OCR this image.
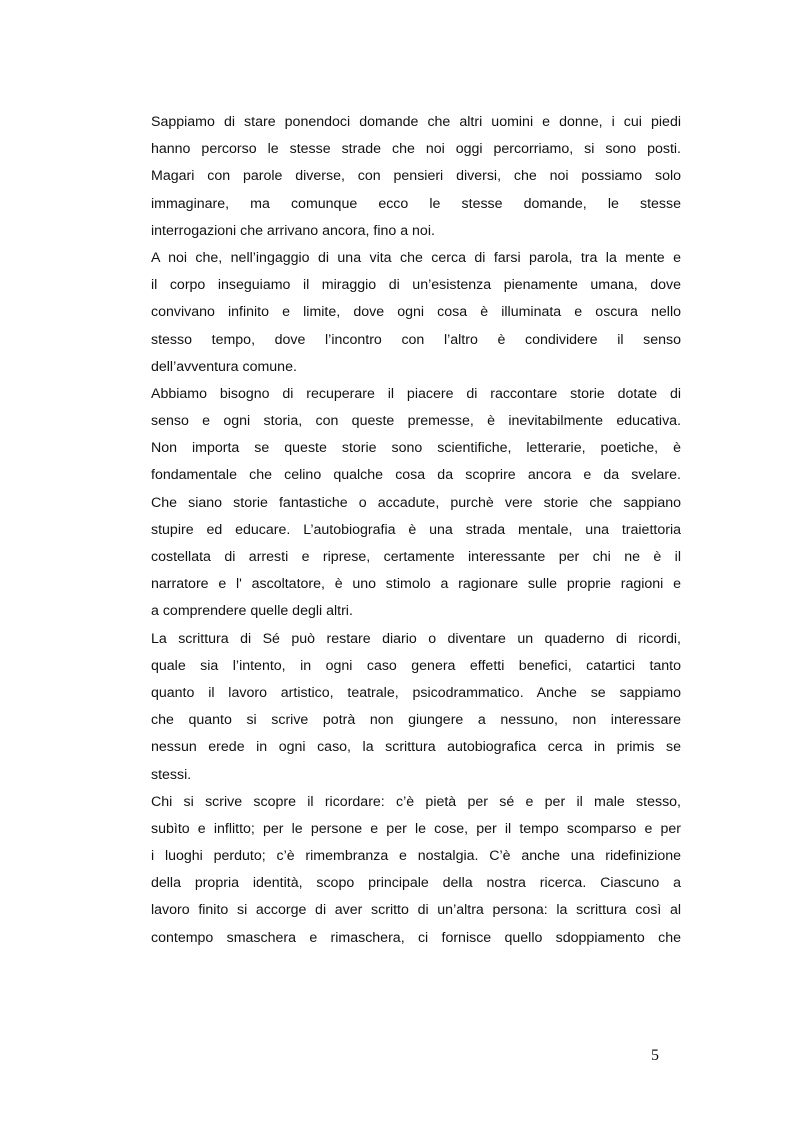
Sappiamo di stare ponendoci domande che altri uomini e donne, i cui piedi
hanno percorso le stesse strade che noi oggi percorriamo, si sono posti.
Magari con parole diverse, con pensieri diversi, che noi possiamo solo
immaginare, ma comunque ecco le stesse domande, le stesse
interrogazioni che arrivano ancora, fino a noi.
A noi che, nell’ingaggio di una vita che cerca di farsi parola, tra la mente e
il corpo inseguiamo il miraggio di un’esistenza pienamente umana, dove
convivano infinito e limite, dove ogni cosa è illuminata e oscura nello
stesso tempo, dove l’incontro con l’altro è condividere il senso
dell’avventura comune.
Abbiamo bisogno di recuperare il piacere di raccontare storie dotate di
senso e ogni storia, con queste premesse, è inevitabilmente educativa.
Non importa se queste storie sono scientifiche, letterarie, poetiche, è
fondamentale che celino qualche cosa da scoprire ancora e da svelare.
Che siano storie fantastiche o accadute, purchè vere storie che sappiano
stupire ed educare. L’autobiografia è una strada mentale, una traiettoria
costellata di arresti e riprese, certamente interessante per chi ne è il
narratore e l' ascoltatore, è uno stimolo a ragionare sulle proprie ragioni e
a comprendere quelle degli altri.
La scrittura di Sé può restare diario o diventare un quaderno di ricordi,
quale sia l’intento, in ogni caso genera effetti benefici, catartici tanto
quanto il lavoro artistico, teatrale, psicodrammatico. Anche se sappiamo
che quanto si scrive potrà non giungere a nessuno, non interessare
nessun erede in ogni caso, la scrittura autobiografica cerca in primis se
stessi.
Chi si scrive scopre il ricordare: c’è pietà per sé e per il male stesso,
subìto e inflitto; per le persone e per le cose, per il tempo scomparso e per
i luoghi perduto; c’è rimembranza e nostalgia. C’è anche una ridefinizione
della propria identità, scopo principale della nostra ricerca. Ciascuno a
lavoro finito si accorge di aver scritto di un’altra persona: la scrittura così al
contempo smaschera e rimaschera, ci fornisce quello sdoppiamento che
5
